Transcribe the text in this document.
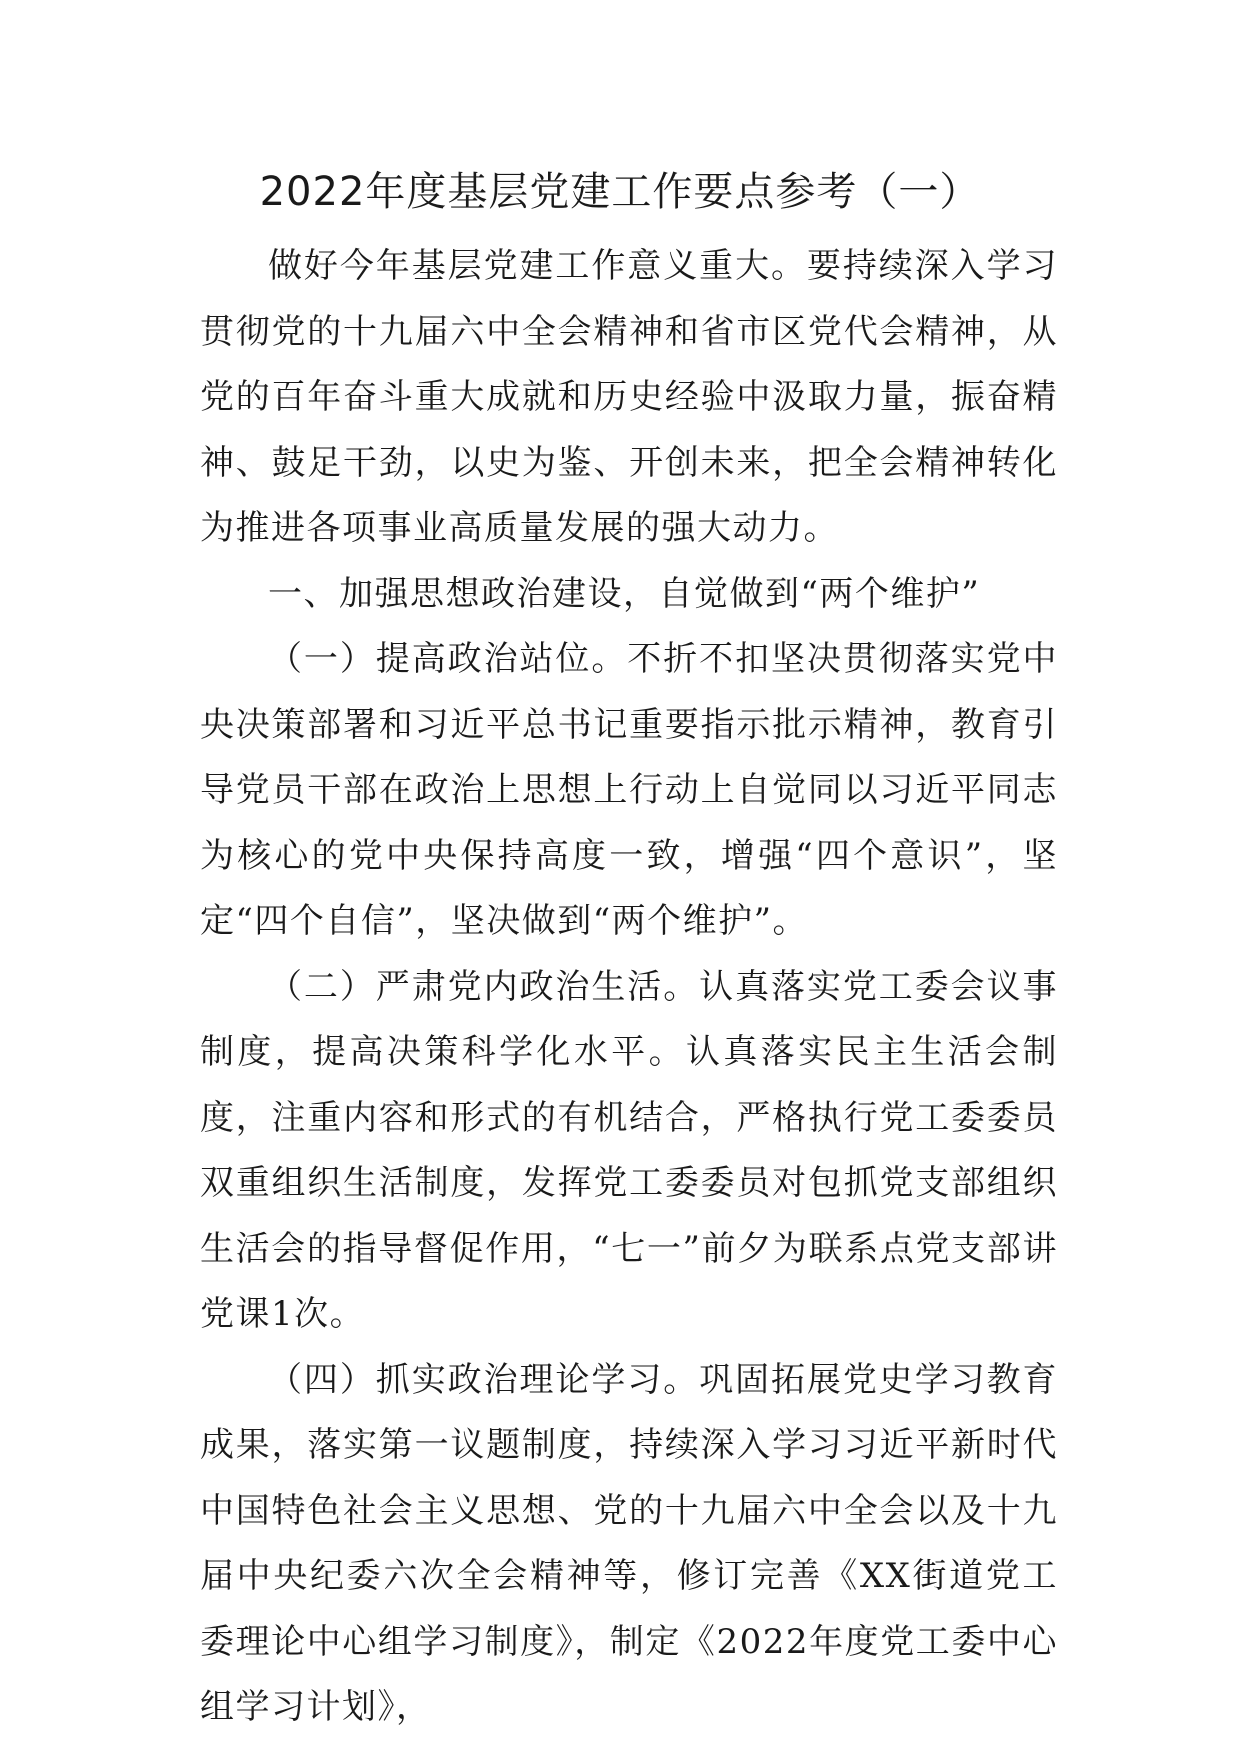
2022年度基层党建工作要点参考（一）

做好今年基层党建工作意义重大。要持续深入学习贯彻党的十九届六中全会精神和省市区党代会精神，从党的百年奋斗重大成就和历史经验中汲取力量，振奋精神、鼓足干劲，以史为鉴、开创未来，把全会精神转化为推进各项事业高质量发展的强大动力。

一、加强思想政治建设，自觉做到“两个维护”

（一）提高政治站位。不折不扣坚决贯彻落实党中央决策部署和习近平总书记重要指示批示精神，教育引导党员干部在政治上思想上行动上自觉同以习近平同志为核心的党中央保持高度一致，增强“四个意识”，坚定“四个自信”，坚决做到“两个维护”。

（二）严肃党内政治生活。认真落实党工委会议事制度，提高决策科学化水平。认真落实民主生活会制度，注重内容和形式的有机结合，严格执行党工委委员双重组织生活制度，发挥党工委委员对包抓党支部组织生活会的指导督促作用，“七一”前夕为联系点党支部讲党课1次。

（四）抓实政治理论学习。巩固拓展党史学习教育成果，落实第一议题制度，持续深入学习习近平新时代中国特色社会主义思想、党的十九届六中全会以及十九届中央纪委六次全会精神等，修订完善《XX街道党工委理论中心组学习制度》，制定《2022年度党工委中心组学习计划》，
